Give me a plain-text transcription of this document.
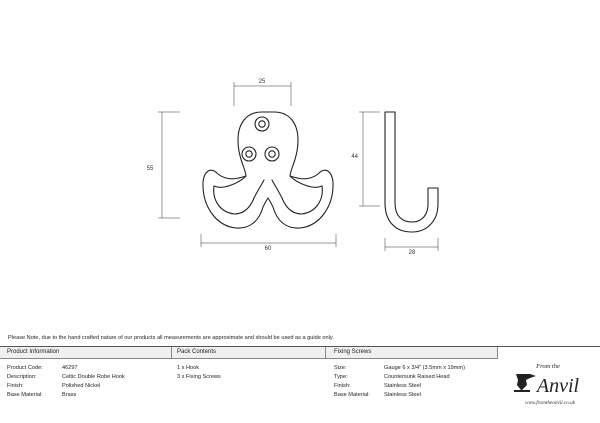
25
55
60
44
28
Please Note, due to the hand crafted nature of our products all measurements are approximate and should be used as a guide only.
Product Information
Product Code:	46297
Description:	Celtic Double Robe Hook
Finish:	Polished Nickel
Base Material:	Brass
Pack Contents
1 x Hook
3 x Fixing Screws
Fixing Screws
Size:	Gauge 6 x 3/4" (3.5mm x 19mm)
Type:	Countersunk Raised Head
Finish:	Stainless Steel
Base Material:	Stainless Steel
From the
Anvil
www.fromtheanvil.co.uk
